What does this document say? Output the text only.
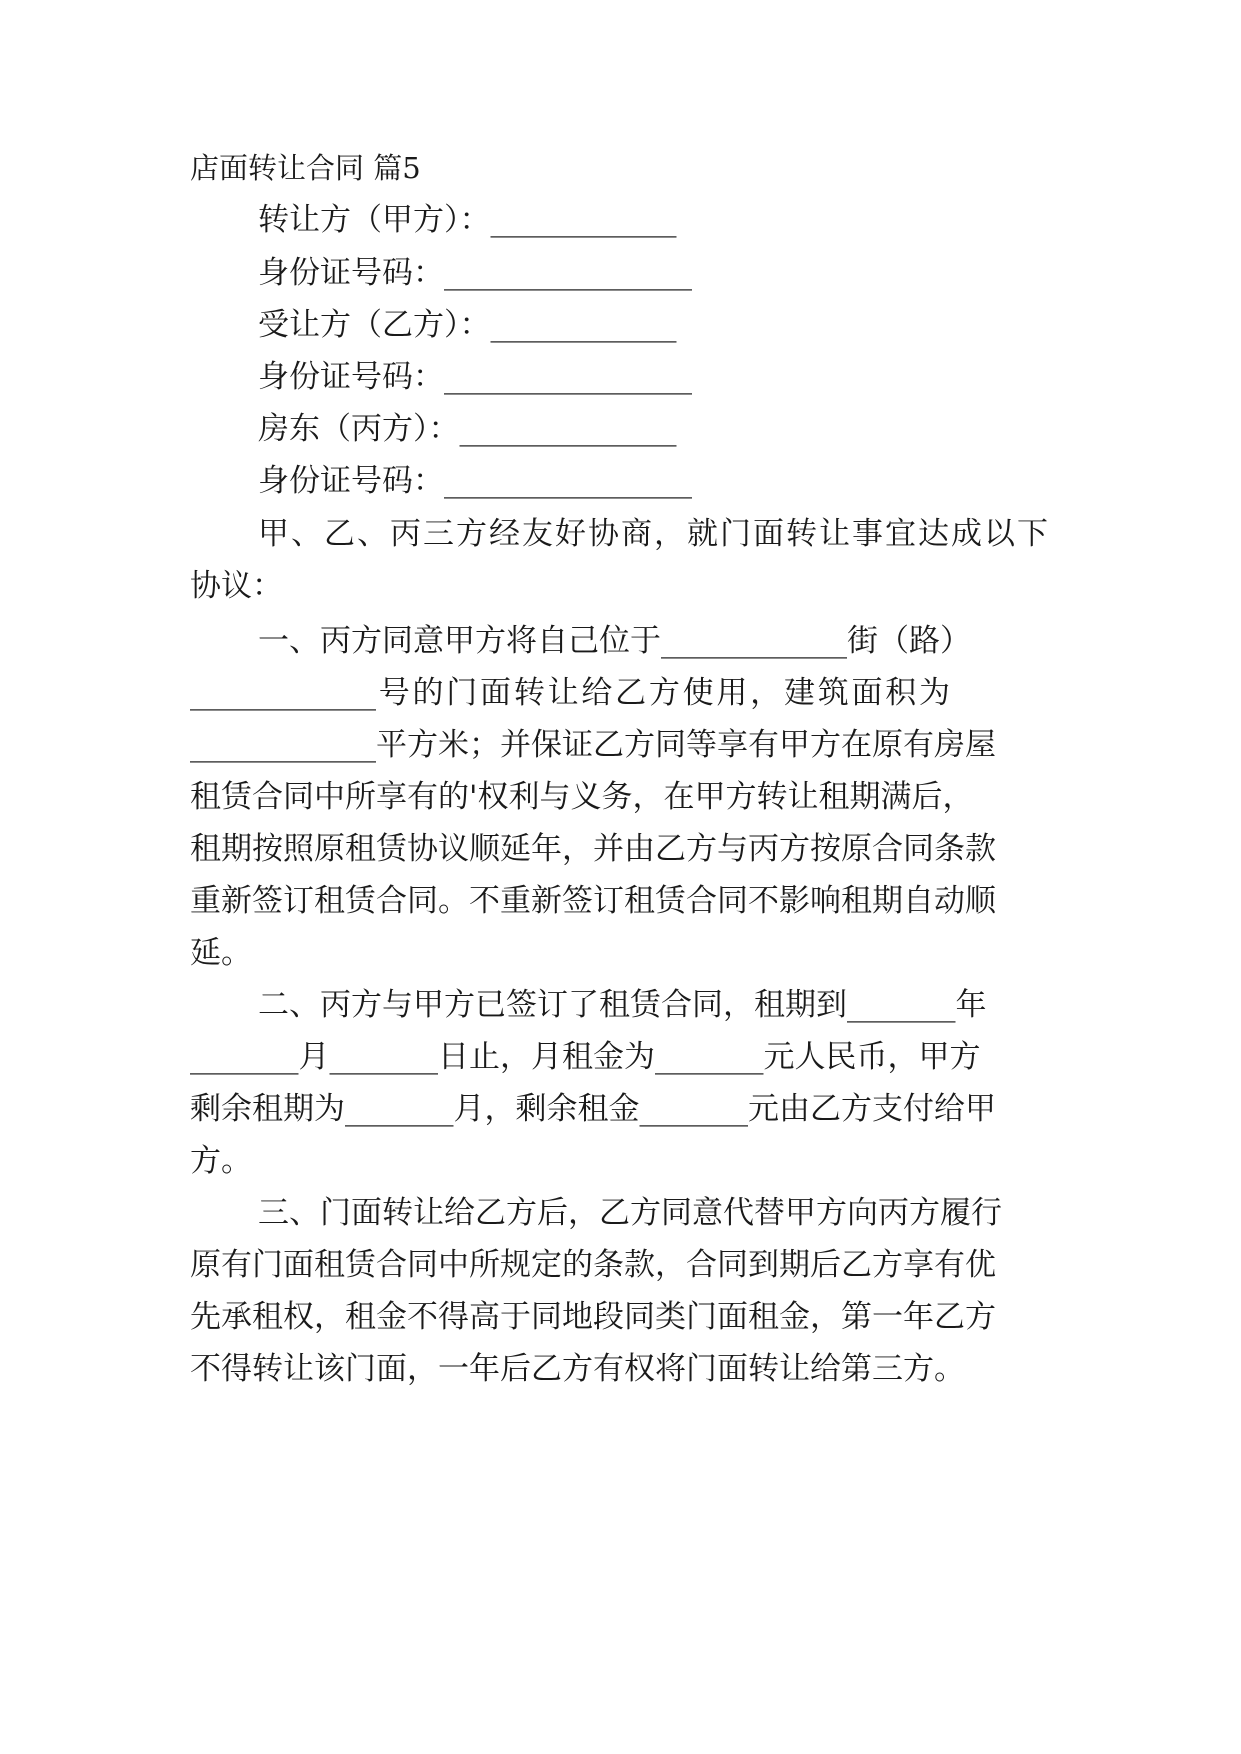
店面转让合同 篇5
转让方（甲方）：____________
身份证号码：________________
受让方（乙方）：____________
身份证号码：________________
房东（丙方）：______________
身份证号码：________________
甲、乙、丙三方经友好协商，就门面转让事宜达成以下
协议：
一、丙方同意甲方将自己位于____________街（路）
____________号的门面转让给乙方使用，建筑面积为
____________平方米；并保证乙方同等享有甲方在原有房屋
租赁合同中所享有的'权利与义务，在甲方转让租期满后，
租期按照原租赁协议顺延年，并由乙方与丙方按原合同条款
重新签订租赁合同。不重新签订租赁合同不影响租期自动顺
延。
二、丙方与甲方已签订了租赁合同，租期到_______年
_______月_______日止，月租金为_______元人民币，甲方
剩余租期为_______月，剩余租金_______元由乙方支付给甲
方。
三、门面转让给乙方后，乙方同意代替甲方向丙方履行
原有门面租赁合同中所规定的条款，合同到期后乙方享有优
先承租权，租金不得高于同地段同类门面租金，第一年乙方
不得转让该门面，一年后乙方有权将门面转让给第三方。
